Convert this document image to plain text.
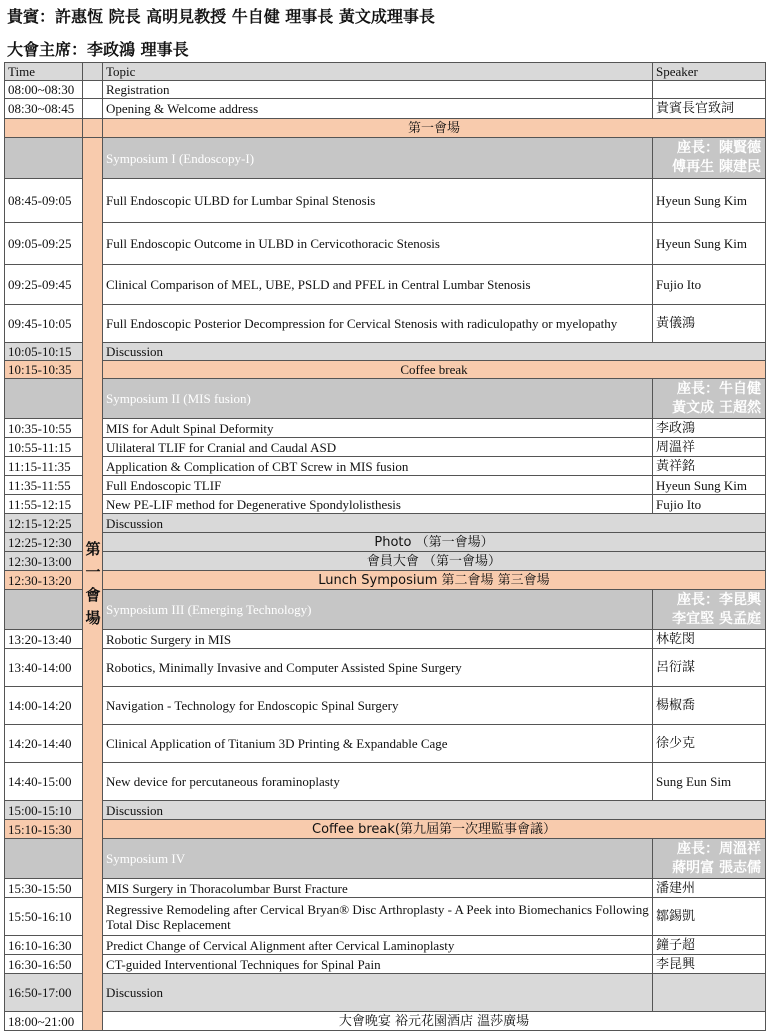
貴賓：許惠恆 院長 高明見教授 牛自健 理事長 黃文成理事長
大會主席：李政鴻 理事長
Time		Topic	Speaker
08:00~08:30		Registration	
08:30~08:45		Opening & Welcome address	貴賓長官致詞
		第一會場	

	第一會場	Symposium I (Endoscopy-I)	座長：陳賢德
傅再生 陳建民

08:45-09:05		Full Endoscopic ULBD for Lumbar Spinal Stenosis	Hyeun Sung Kim
09:05-09:25		Full Endoscopic Outcome in ULBD in Cervicothoracic Stenosis	Hyeun Sung Kim
09:25-09:45		Clinical Comparison of MEL, UBE, PSLD and PFEL in Central Lumbar Stenosis	Fujio Ito
09:45-10:05		Full Endoscopic Posterior Decompression for Cervical Stenosis with radiculopathy or myelopathy	黃儀鴻
10:05-10:15		Discussion	
10:15-10:35		Coffee break	
		Symposium II (MIS fusion)	座長：牛自健
黃文成 王超然

10:35-10:55		MIS for Adult Spinal Deformity	李政鴻
10:55-11:15		Ulilateral TLIF for Cranial and Caudal ASD	周溫祥
11:15-11:35		Application & Complication of CBT Screw in MIS fusion	黃祥銘
11:35-11:55		Full Endoscopic TLIF	Hyeun Sung Kim
11:55-12:15		New PE-LIF method for Degenerative Spondylolisthesis	Fujio Ito
12:15-12:25		Discussion	
12:25-12:30		Photo （第一會場）	
12:30-13:00		會員大會 （第一會場）	
12:30-13:20		Lunch Symposium 第二會場 第三會場	
		Symposium III (Emerging Technology)	座長：李昆興
李宜堅 吳孟庭

13:20-13:40		Robotic Surgery in MIS	林乾閔
13:40-14:00		Robotics, Minimally Invasive and Computer Assisted Spine Surgery	呂衍謀
14:00-14:20		Navigation - Technology for Endoscopic Spinal Surgery	楊椒喬
14:20-14:40		Clinical Application of Titanium 3D Printing & Expandable Cage	徐少克
14:40-15:00		New device for percutaneous foraminoplasty	Sung Eun Sim
15:00-15:10		Discussion	
15:10-15:30		Coffee break(第九屆第一次理監事會議）	
		Symposium IV	座長：周溫祥
蔣明富 張志儒

15:30-15:50		MIS Surgery in Thoracolumbar Burst Fracture	潘建州
15:50-16:10		Regressive Remodeling after Cervical Bryan® Disc Arthroplasty - A Peek into Biomechanics Following Total Disc Replacement	鄒錫凱
16:10-16:30		Predict Change of Cervical Alignment after Cervical Laminoplasty	鐘子超
16:30-16:50		CT-guided Interventional Techniques for Spinal Pain	李昆興
16:50-17:00		Discussion	
18:00~21:00		大會晚宴 裕元花園酒店 溫莎廣場	
